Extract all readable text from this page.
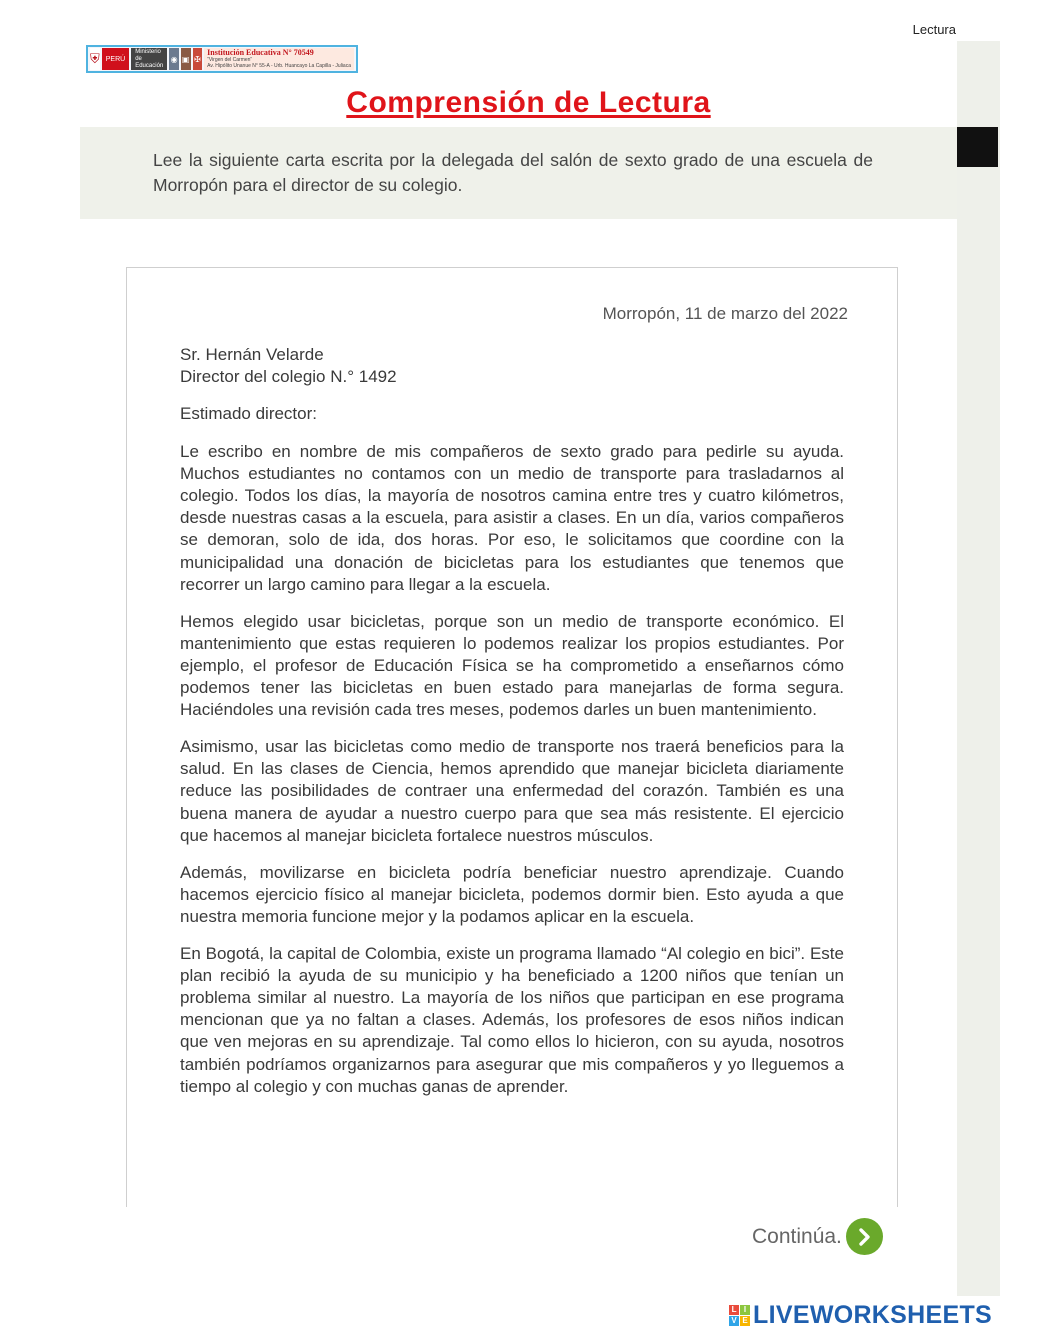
Lectura
⛨ PERÚ
Ministerio de Educación
◉ ▣ ✠
Institución Educativa N° 70549
“Virgen del Carmen”
Av. Hipólito Unanue N° 55-A - Urb. Huancayo La Capilla - Juliaca
Comprensión de Lectura
Lee la siguiente carta escrita por la delegada del salón de sexto grado de una escuela de Morropón para el director de su colegio.
Morropón, 11 de marzo del 2022
Sr. Hernán Velarde
Director del colegio N.° 1492
Estimado director:

Le escribo en nombre de mis compañeros de sexto grado para pedirle su ayuda. Muchos estudiantes no contamos con un medio de transporte para trasladarnos al colegio. Todos los días, la mayoría de nosotros camina entre tres y cuatro kilómetros, desde nuestras casas a la escuela, para asistir a clases. En un día, varios compañeros se demoran, solo de ida, dos horas. Por eso, le solicitamos que coordine con la municipalidad una donación de bicicletas para los estudiantes que tenemos que recorrer un largo camino para llegar a la escuela.

Hemos elegido usar bicicletas, porque son un medio de transporte económico. El mantenimiento que estas requieren lo podemos realizar los propios estudiantes. Por ejemplo, el profesor de Educación Física se ha comprometido a enseñarnos cómo podemos tener las bicicletas en buen estado para manejarlas de forma segura. Haciéndoles una revisión cada tres meses, podemos darles un buen mantenimiento.

Asimismo, usar las bicicletas como medio de transporte nos traerá beneficios para la salud. En las clases de Ciencia, hemos aprendido que manejar bicicleta diariamente reduce las posibilidades de contraer una enfermedad del corazón. También es una buena manera de ayudar a nuestro cuerpo para que sea más resistente. El ejercicio que hacemos al manejar bicicleta fortalece nuestros músculos.

Además, movilizarse en bicicleta podría beneficiar nuestro aprendizaje. Cuando hacemos ejercicio físico al manejar bicicleta, podemos dormir bien. Esto ayuda a que nuestra memoria funcione mejor y la podamos aplicar en la escuela.

En Bogotá, la capital de Colombia, existe un programa llamado “Al colegio en bici”. Este plan recibió la ayuda de su municipio y ha beneficiado a 1200 niños que tenían un problema similar al nuestro. La mayoría de los niños que participan en ese programa mencionan que ya no faltan a clases. Además, los profesores de esos niños indican que ven mejoras en su aprendizaje. Tal como ellos lo hicieron, con su ayuda, nosotros también podríamos organizarnos para asegurar que mis compañeros y yo lleguemos a tiempo al colegio y con muchas ganas de aprender.

Continúa.
L I
V E LIVEWORKSHEETS
